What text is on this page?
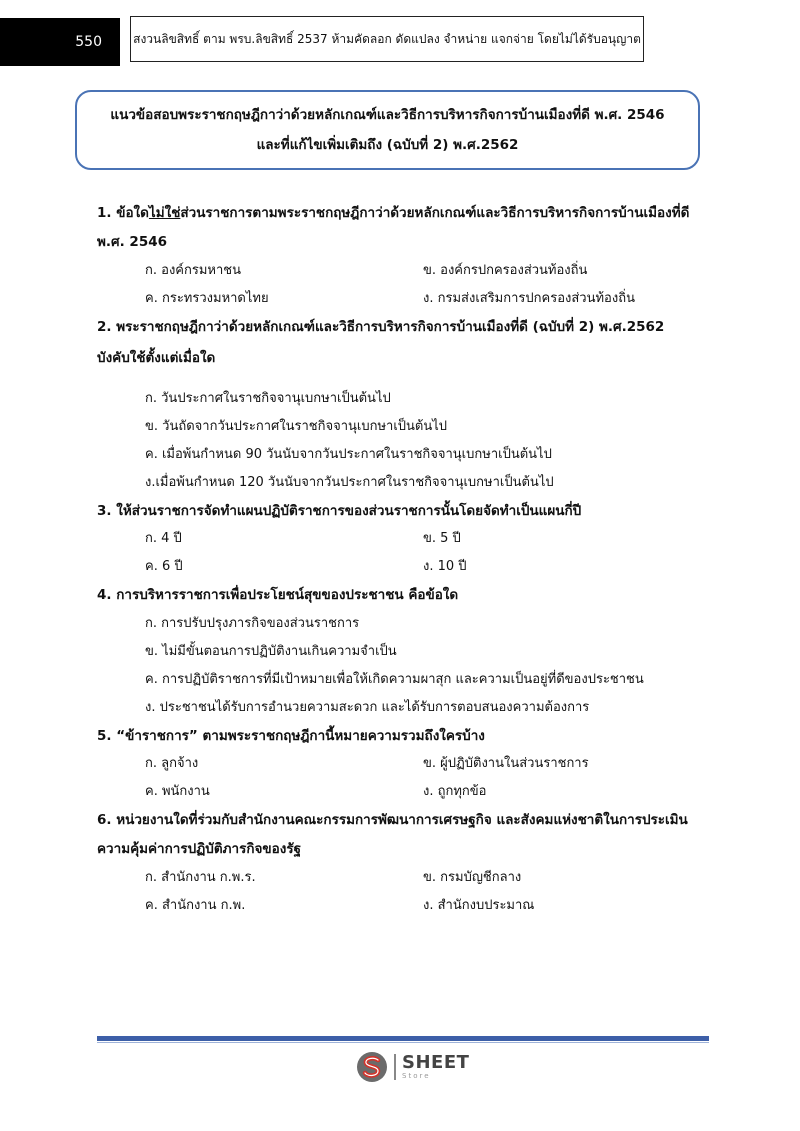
550	สงวนลิขสิทธิ์ ตาม พรบ.ลิขสิทธิ์ 2537 ห้ามคัดลอก ดัดแปลง จำหน่าย แจกจ่าย โดยไม่ได้รับอนุญาต
แนวข้อสอบพระราชกฤษฎีกาว่าด้วยหลักเกณฑ์และวิธีการบริหารกิจการบ้านเมืองที่ดี พ.ศ. 2546
และที่แก้ไขเพิ่มเติมถึง (ฉบับที่ 2) พ.ศ.2562
1. ข้อใดไม่ใช่ส่วนราชการตามพระราชกฤษฎีกาว่าด้วยหลักเกณฑ์และวิธีการบริหารกิจการบ้านเมืองที่ดี
พ.ศ. 2546
ก. องค์กรมหาชน	ข. องค์กรปกครองส่วนท้องถิ่น
ค. กระทรวงมหาดไทย	ง. กรมส่งเสริมการปกครองส่วนท้องถิ่น
2. พระราชกฤษฎีกาว่าด้วยหลักเกณฑ์และวิธีการบริหารกิจการบ้านเมืองที่ดี (ฉบับที่ 2) พ.ศ.2562
บังคับใช้ตั้งแต่เมื่อใด
ก. วันประกาศในราชกิจจานุเบกษาเป็นต้นไป
ข. วันถัดจากวันประกาศในราชกิจจานุเบกษาเป็นต้นไป
ค. เมื่อพ้นกำหนด 90 วันนับจากวันประกาศในราชกิจจานุเบกษาเป็นต้นไป
ง.เมื่อพ้นกำหนด 120 วันนับจากวันประกาศในราชกิจจานุเบกษาเป็นต้นไป
3. ให้ส่วนราชการจัดทำแผนปฏิบัติราชการของส่วนราชการนั้นโดยจัดทำเป็นแผนกี่ปี
ก. 4 ปี	ข. 5 ปี
ค. 6 ปี	ง. 10 ปี
4. การบริหารราชการเพื่อประโยชน์สุขของประชาชน คือข้อใด
ก. การปรับปรุงภารกิจของส่วนราชการ
ข. ไม่มีขั้นตอนการปฏิบัติงานเกินความจำเป็น
ค. การปฏิบัติราชการที่มีเป้าหมายเพื่อให้เกิดความผาสุก และความเป็นอยู่ที่ดีของประชาชน
ง. ประชาชนได้รับการอำนวยความสะดวก และได้รับการตอบสนองความต้องการ
5. “ข้าราชการ” ตามพระราชกฤษฎีกานี้หมายความรวมถึงใครบ้าง
ก. ลูกจ้าง	ข. ผู้ปฏิบัติงานในส่วนราชการ
ค. พนักงาน	ง. ถูกทุกข้อ
6. หน่วยงานใดที่ร่วมกับสำนักงานคณะกรรมการพัฒนาการเศรษฐกิจ และสังคมแห่งชาติในการประเมิน
ความคุ้มค่าการปฏิบัติภารกิจของรัฐ
ก. สำนักงาน ก.พ.ร.	ข. กรมบัญชีกลาง
ค. สำนักงาน ก.พ.	ง. สำนักงบประมาณ
SHEET
Store
